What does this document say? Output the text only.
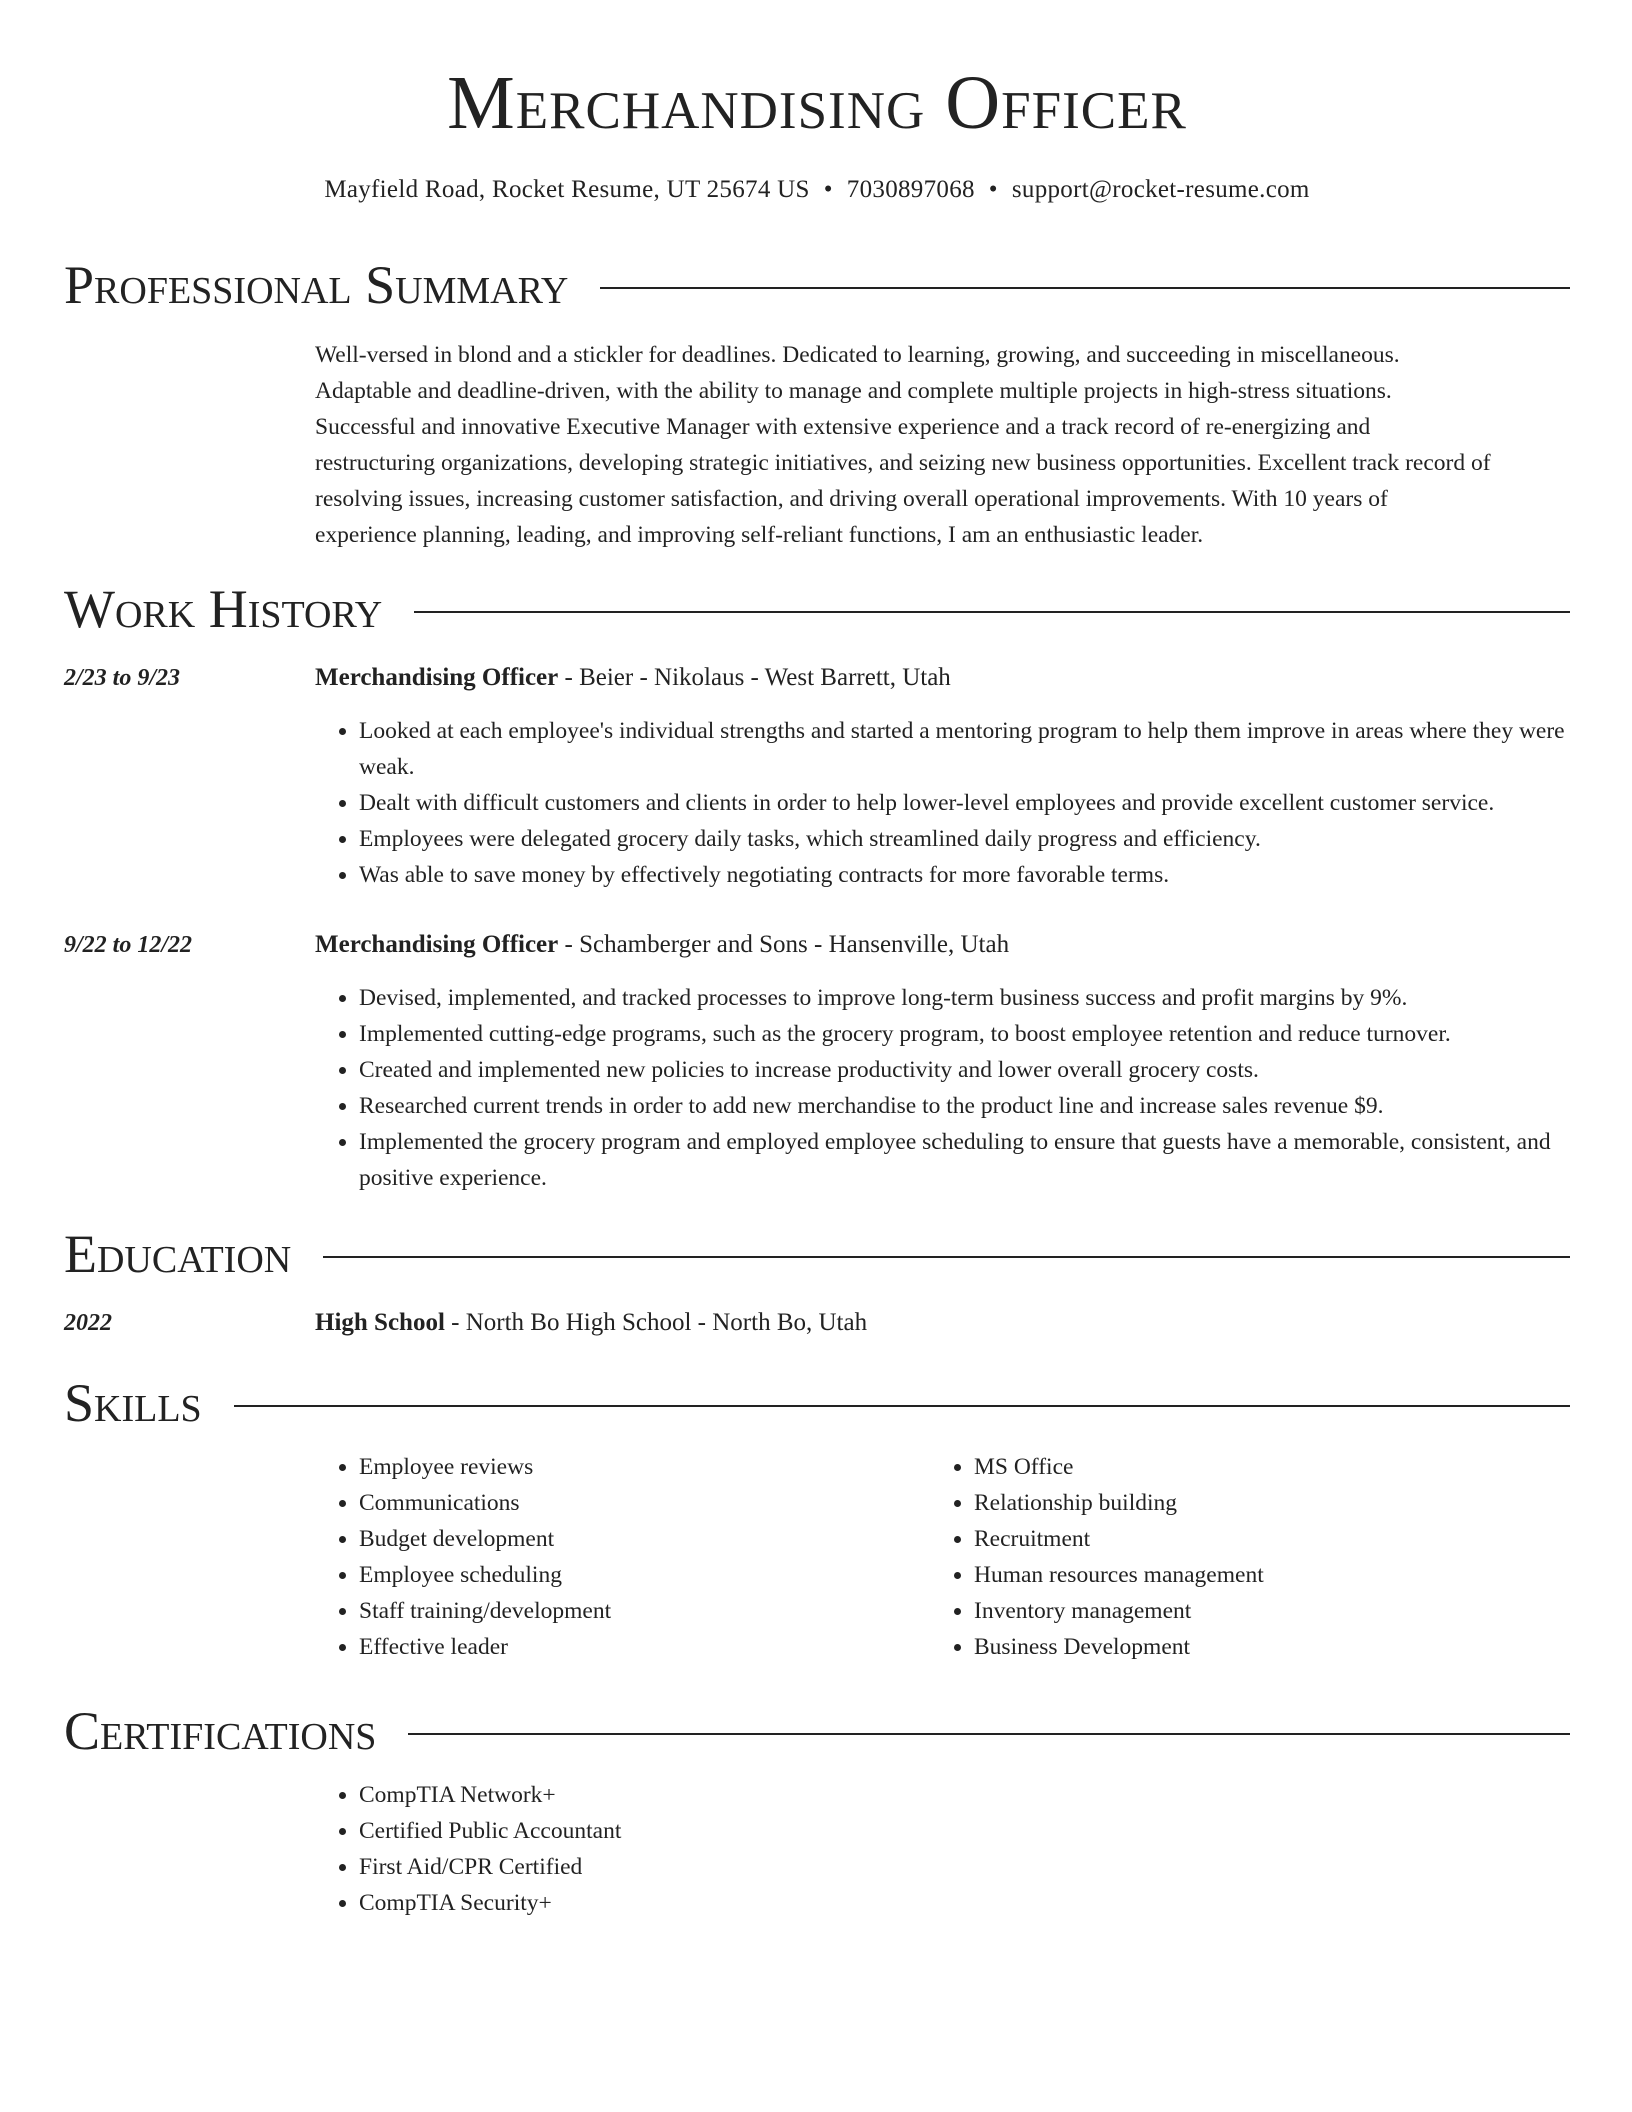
Merchandising Officer
Mayfield Road, Rocket Resume, UT 25674 US • 7030897068 • support@rocket-resume.com
Professional Summary
Well-versed in blond and a stickler for deadlines. Dedicated to learning, growing, and succeeding in miscellaneous.
Adaptable and deadline-driven, with the ability to manage and complete multiple projects in high-stress situations.
Successful and innovative Executive Manager with extensive experience and a track record of re-energizing and
restructuring organizations, developing strategic initiatives, and seizing new business opportunities. Excellent track record of
resolving issues, increasing customer satisfaction, and driving overall operational improvements. With 10 years of
experience planning, leading, and improving self-reliant functions, I am an enthusiastic leader.
Work History
2/23 to 9/23	Merchandising Officer - Beier - Nikolaus - West Barrett, Utah
• Looked at each employee's individual strengths and started a mentoring program to help them improve in areas where they were weak.
• Dealt with difficult customers and clients in order to help lower-level employees and provide excellent customer service.
• Employees were delegated grocery daily tasks, which streamlined daily progress and efficiency.
• Was able to save money by effectively negotiating contracts for more favorable terms.
9/22 to 12/22	Merchandising Officer - Schamberger and Sons - Hansenville, Utah
• Devised, implemented, and tracked processes to improve long-term business success and profit margins by 9%.
• Implemented cutting-edge programs, such as the grocery program, to boost employee retention and reduce turnover.
• Created and implemented new policies to increase productivity and lower overall grocery costs.
• Researched current trends in order to add new merchandise to the product line and increase sales revenue $9.
• Implemented the grocery program and employed employee scheduling to ensure that guests have a memorable, consistent, and positive experience.
Education
2022	High School - North Bo High School - North Bo, Utah
Skills
• Employee reviews
• Communications
• Budget development
• Employee scheduling
• Staff training/development
• Effective leader
• MS Office
• Relationship building
• Recruitment
• Human resources management
• Inventory management
• Business Development
Certifications
• CompTIA Network+
• Certified Public Accountant
• First Aid/CPR Certified
• CompTIA Security+
